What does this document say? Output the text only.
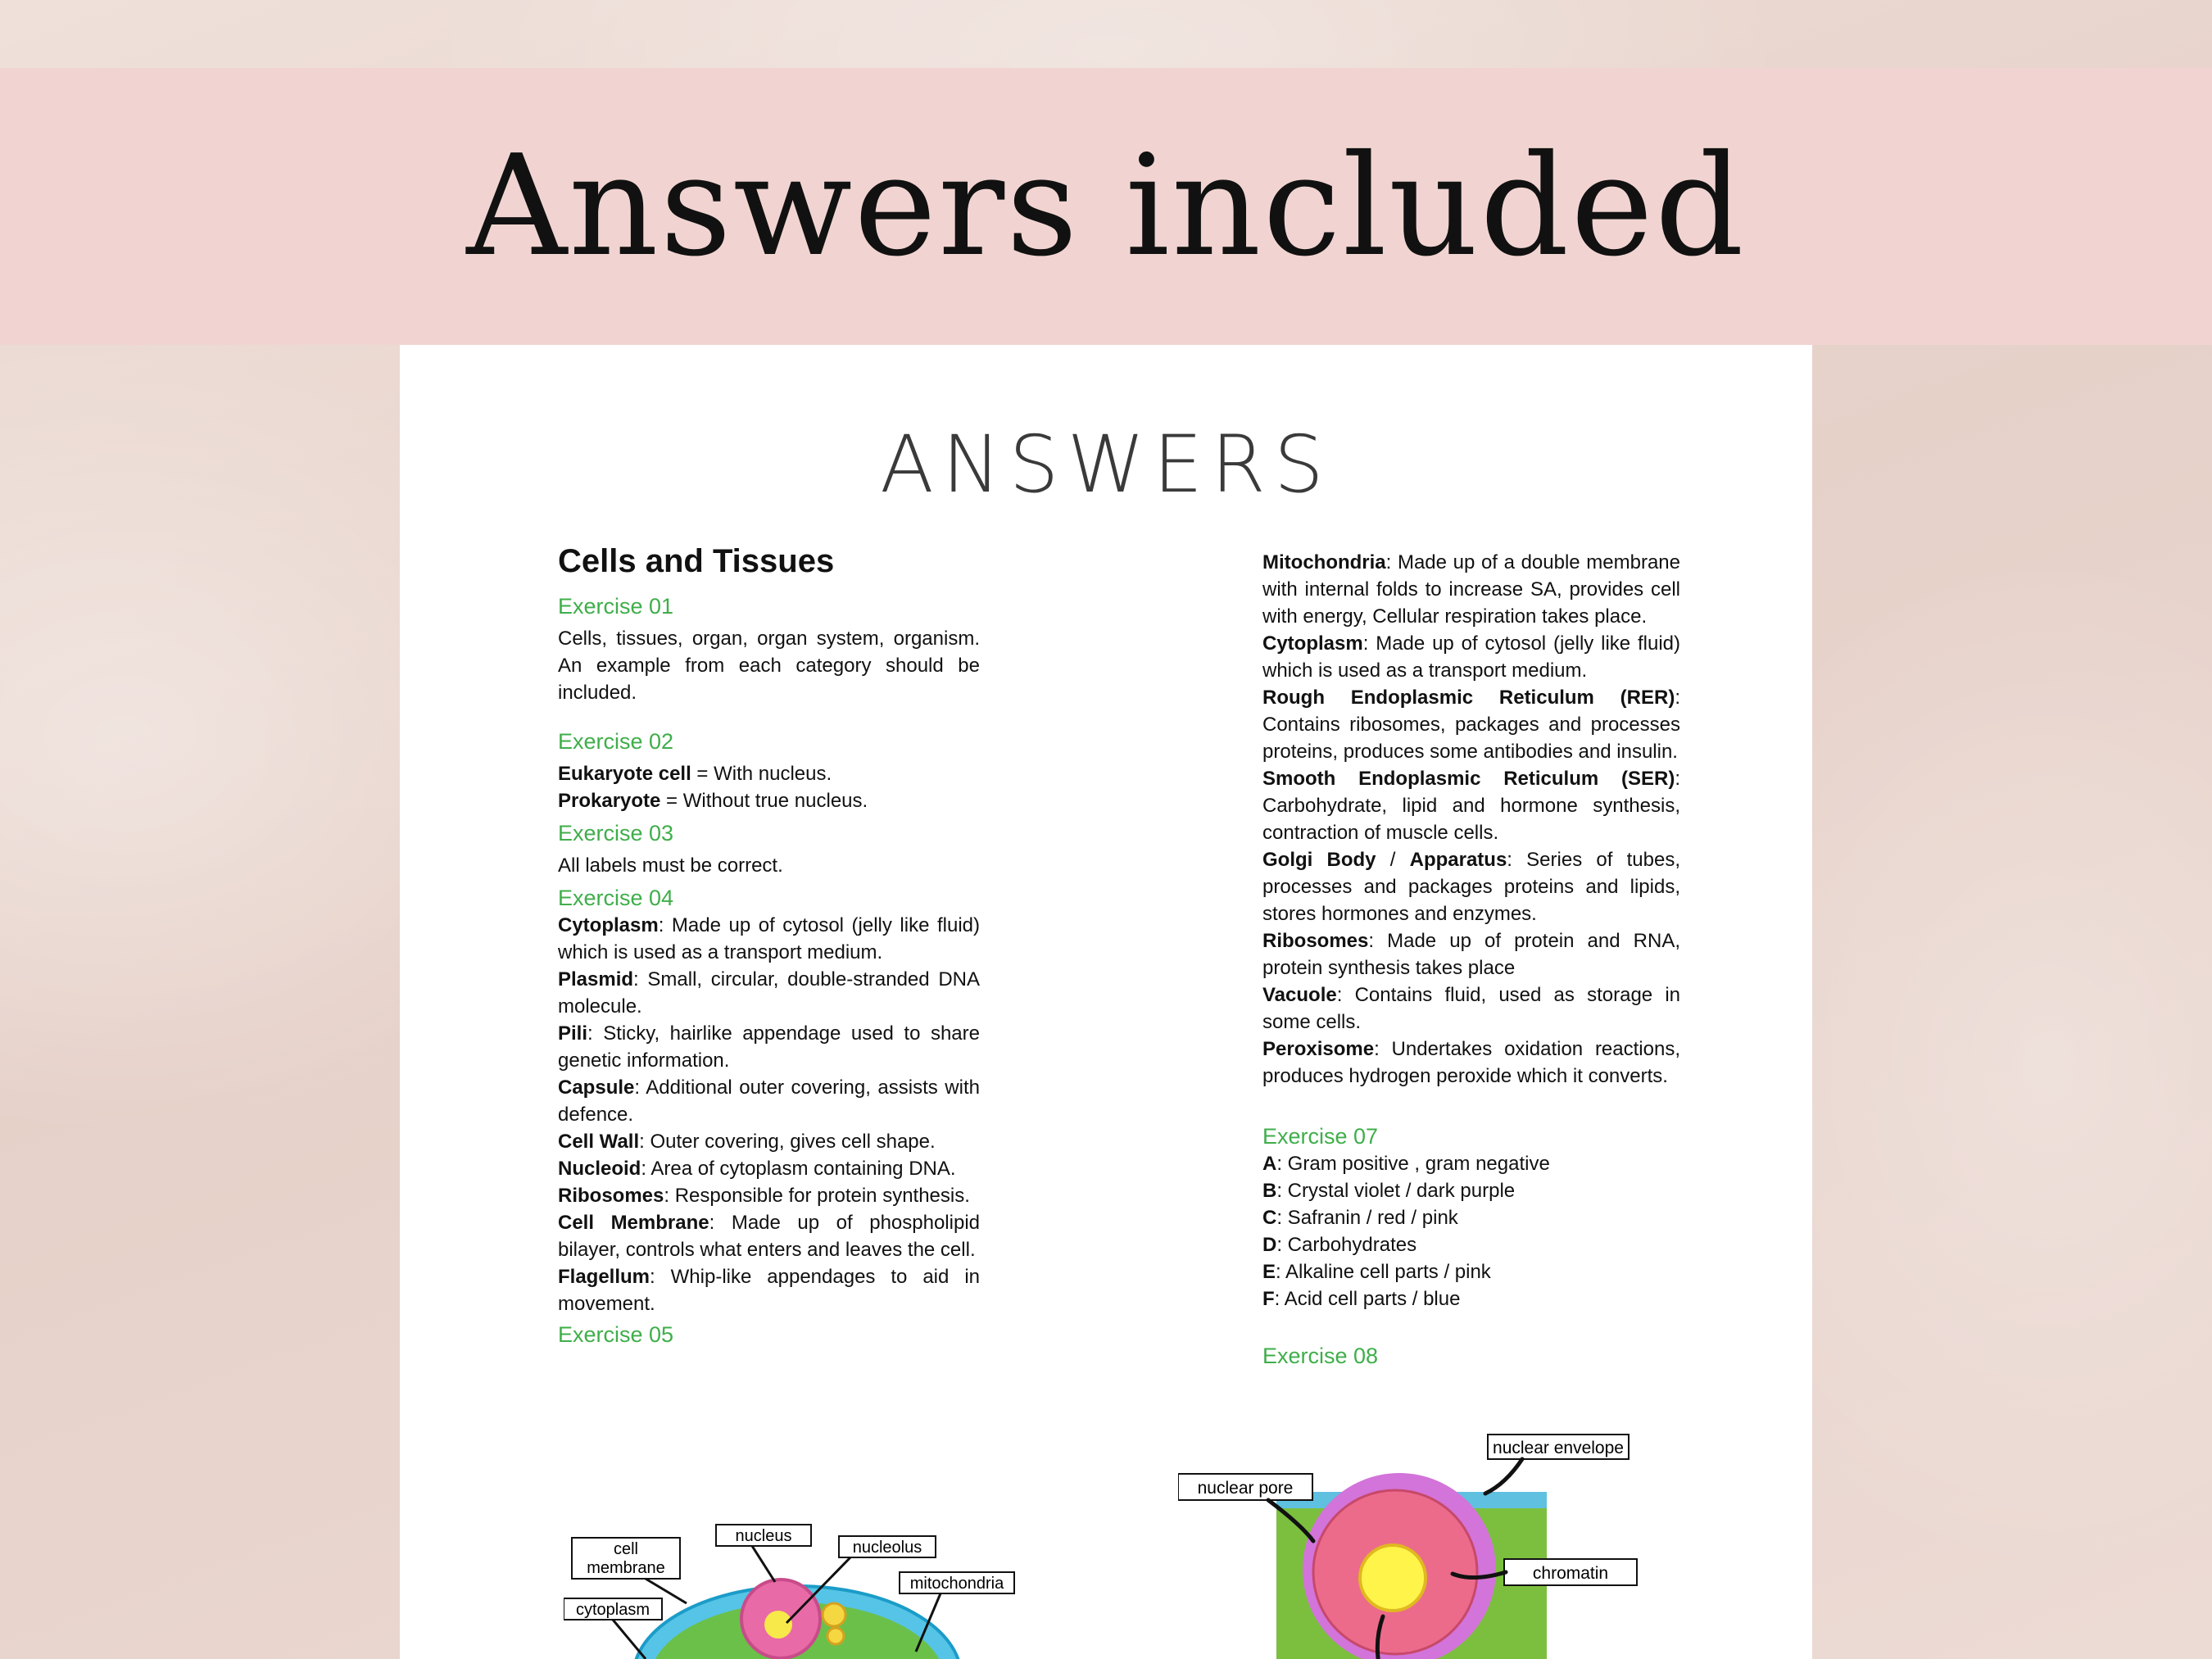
Answers included
ANSWERS
Cells and Tissues
Exercise 01

Cells, tissues, organ, organ system, organism. An example from each category should be included.

Exercise 02

Eukaryote cell = With nucleus.

Prokaryote = Without true nucleus.

Exercise 03

All labels must be correct.

Exercise 04

Cytoplasm: Made up of cytosol (jelly like fluid) which is used as a transport medium.

Plasmid: Small, circular, double-stranded DNA molecule.

Pili: Sticky, hairlike appendage used to share genetic information.

Capsule: Additional outer covering, assists with defence.

Cell Wall: Outer covering, gives cell shape.

Nucleoid: Area of cytoplasm containing DNA.

Ribosomes: Responsible for protein synthesis.

Cell Membrane: Made up of phospholipid bilayer, controls what enters and leaves the cell.

Flagellum: Whip-like appendages to aid in movement.

Exercise 05
cell
membrane
nucleus
nucleolus
mitochondria
cytoplasm

Mitochondria: Made up of a double membrane with internal folds to increase SA, provides cell with energy, Cellular respiration takes place.

Cytoplasm: Made up of cytosol (jelly like fluid) which is used as a transport medium.

Rough Endoplasmic Reticulum (RER): Contains ribosomes, packages and processes proteins, produces some antibodies and insulin.

Smooth Endoplasmic Reticulum (SER): Carbohydrate, lipid and hormone synthesis, contraction of muscle cells.

Golgi Body / Apparatus: Series of tubes, processes and packages proteins and lipids, stores hormones and enzymes.

Ribosomes: Made up of protein and RNA, protein synthesis takes place

Vacuole: Contains fluid, used as storage in some cells.

Peroxisome: Undertakes oxidation reactions, produces hydrogen peroxide which it converts.

Exercise 07

A: Gram positive , gram negative

B: Crystal violet / dark purple

C: Safranin / red / pink

D: Carbohydrates

E: Alkaline cell parts / pink

F: Acid cell parts / blue

Exercise 08
nuclear envelope
nuclear pore
chromatin
